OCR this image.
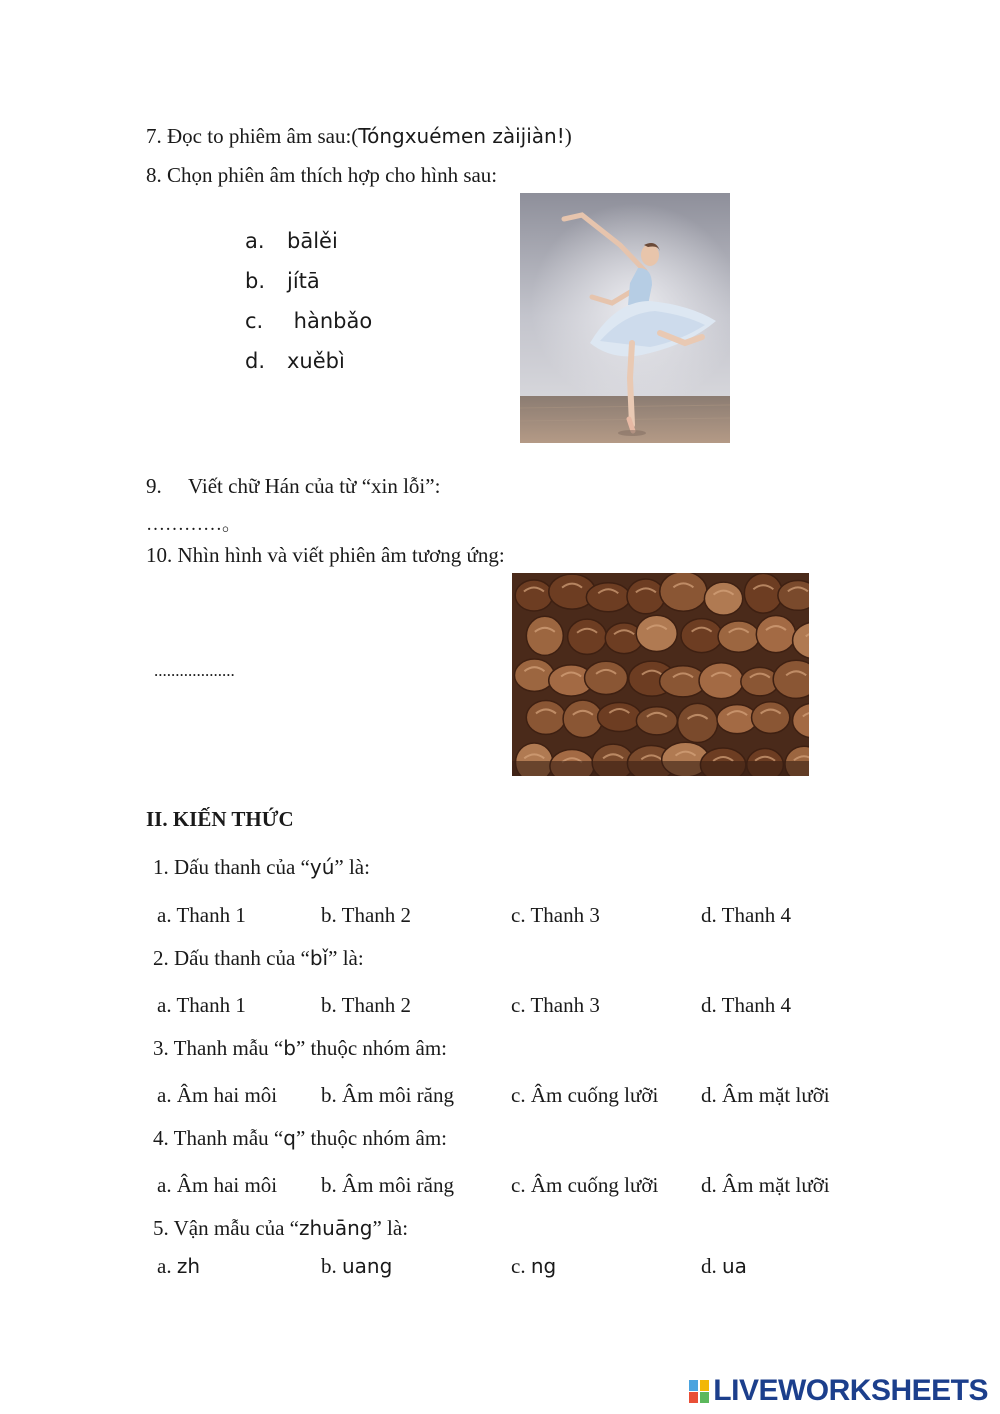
7. Đọc to phiêm âm sau:(Tóngxuémen zàijiàn!)
8. Chọn phiên âm thích hợp cho hình sau:
a. bālěi
b. jítā
c. hànbǎo
d. xuěbì
9. Viết chữ Hán của từ “xin lỗi”:
…………。
10. Nhìn hình và viết phiên âm tương ứng:
...................
II. KIẾN THỨC
1. Dấu thanh của “yú” là:
a. Thanh 1	b. Thanh 2	c. Thanh 3	d. Thanh 4
2. Dấu thanh của “bǐ” là:
a. Thanh 1	b. Thanh 2	c. Thanh 3	d. Thanh 4
3. Thanh mẫu “b” thuộc nhóm âm:
a. Âm hai môi b. Âm môi răng	c. Âm cuống lưỡi d. Âm mặt lưỡi
4. Thanh mẫu “q” thuộc nhóm âm:
a. Âm hai môi b. Âm môi răng	c. Âm cuống lưỡi d. Âm mặt lưỡi
5. Vận mẫu của “zhuāng” là:
a. zh	b. uang	c. ng	d. ua
LIVEWORKSHEETS
